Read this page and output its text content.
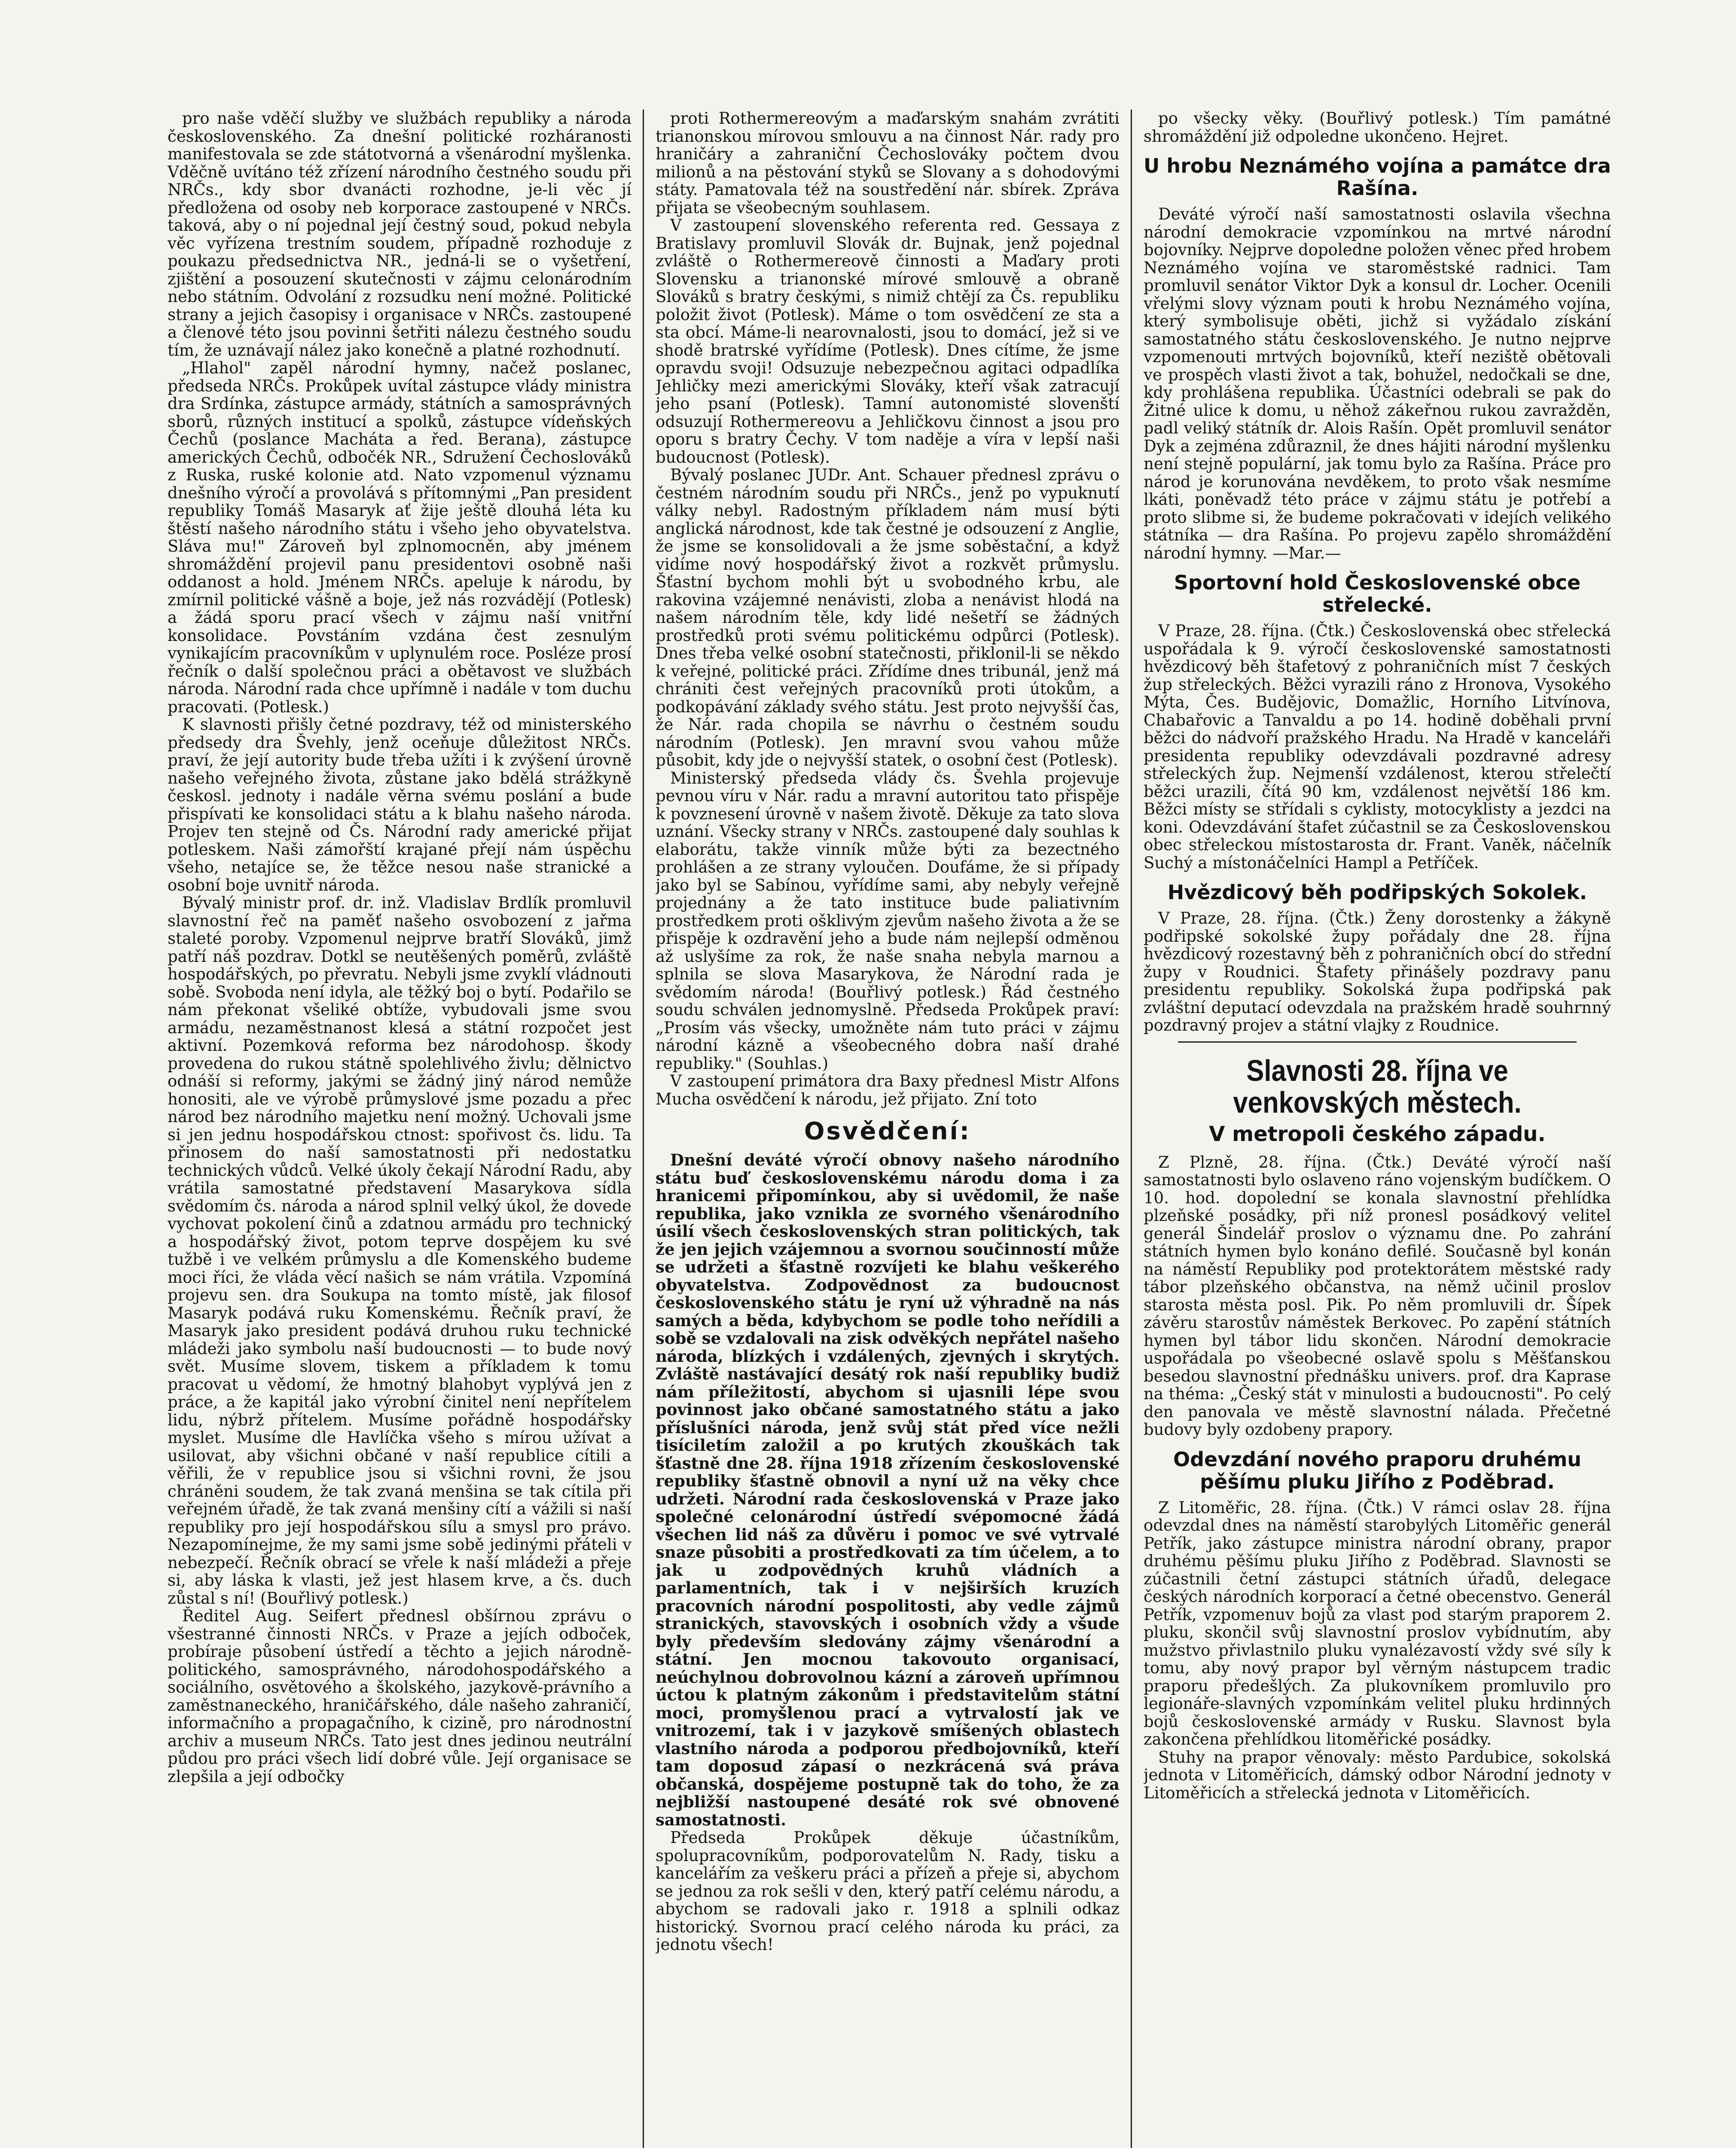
pro naše vděčí služby ve službách republiky a národa československého. Za dnešní politické rozháranosti manifestovala se zde státotvorná a všenárodní myšlenka. Vděčně uvítáno též zřízení národního čestného soudu při NRČs., kdy sbor dvanácti rozhodne, je-li věc jí předložena od osoby neb korporace zastoupené v NRČs. taková, aby o ní pojednal její čestný soud, pokud nebyla věc vyřízena trestním soudem, případně rozhoduje z poukazu předsednictva NR., jedná-li se o vyšetření, zjištění a posouzení skutečnosti v zájmu celonárodním nebo státním. Odvolání z rozsudku není možné. Politické strany a jejich časopisy i organisace v NRČs. zastoupené a členové této jsou povinni šetřiti nálezu čestného soudu tím, že uznávají nález jako konečně a platné rozhodnutí.

„Hlahol" zapěl národní hymny, načež poslanec, předseda NRČs. Prokůpek uvítal zástupce vlády ministra dra Srdínka, zástupce armády, státních a samosprávných sborů, různých institucí a spolků, zástupce vídeňských Čechů (poslance Macháta a řed. Berana), zástupce amerických Čechů, odbočék NR., Sdružení Čechoslováků z Ruska, ruské kolonie atd. Nato vzpomenul významu dnešního výročí a provolává s přítomnými „Pan president republiky Tomáš Masaryk ať žije ještě dlouhá léta ku štěstí našeho národního státu i všeho jeho obyvatelstva. Sláva mu!" Zároveň byl zplnomocněn, aby jménem shromáždění projevil panu presidentovi osobně naši oddanost a hold. Jménem NRČs. apeluje k národu, by zmírnil politické vášně a boje, jež nás rozvádějí (Potlesk) a žádá sporu prací všech v zájmu naší vnitřní konsolidace. Povstáním vzdána čest zesnulým vynikajícím pracovníkům v uplynulém roce. Posléze prosí řečník o další společnou práci a obětavost ve službách národa. Národní rada chce upřímně i nadále v tom duchu pracovati. (Potlesk.)

K slavnosti přišly četné pozdravy, též od ministerského předsedy dra Švehly, jenž oceňuje důležitost NRČs. praví, že její autority bude třeba užíti i k zvýšení úrovně našeho veřejného života, zůstane jako bdělá strážkyně českosl. jednoty i nadále věrna svému poslání a bude přispívati ke konsolidaci státu a k blahu našeho národa. Projev ten stejně od Čs. Národní rady americké přijat potleskem. Naši zámořští krajané přejí nám úspěchu všeho, netajíce se, že těžce nesou naše stranické a osobní boje uvnitř národa.

Bývalý ministr prof. dr. inž. Vladislav Brdlík promluvil slavnostní řeč na paměť našeho osvobození z jařma staleté poroby. Vzpomenul nejprve bratří Slováků, jimž patří náš pozdrav. Dotkl se neutěšených poměrů, zvláště hospodářských, po převratu. Nebyli jsme zvyklí vládnouti sobě. Svoboda není idyla, ale těžký boj o bytí. Podařilo se nám překonat všeliké obtíže, vybudovali jsme svou armádu, nezaměstnanost klesá a státní rozpočet jest aktivní. Pozemková reforma bez národohosp. škody provedena do rukou státně spolehlivého živlu; dělnictvo odnáší si reformy, jakými se žádný jiný národ nemůže honositi, ale ve výrobě průmyslové jsme pozadu a přec národ bez národního majetku není možný. Uchovali jsme si jen jednu hospodářskou ctnost: spořivost čs. lidu. Ta přinosem do naší samostatnosti při nedostatku technických vůdců. Velké úkoly čekají Národní Radu, aby vrátila samostatné představení Masarykova sídla svědomím čs. národa a národ splnil velký úkol, že dovede vychovat pokolení činů a zdatnou armádu pro technický a hospodářský život, potom teprve dospějem ku své tužbě i ve velkém průmyslu a dle Komenského budeme moci říci, že vláda věcí našich se nám vrátila. Vzpomíná projevu sen. dra Soukupa na tomto místě, jak filosof Masaryk podává ruku Komenskému. Řečník praví, že Masaryk jako president podává druhou ruku technické mládeži jako symbolu naší budoucnosti — to bude nový svět. Musíme slovem, tiskem a příkladem k tomu pracovat u vědomí, že hmotný blahobyt vyplývá jen z práce, a že kapitál jako výrobní činitel není nepřítelem lidu, nýbrž přítelem. Musíme pořádně hospodářsky myslet. Musíme dle Havlíčka všeho s mírou užívat a usilovat, aby všichni občané v naší republice cítili a věřili, že v republice jsou si všichni rovni, že jsou chráněni soudem, že tak zvaná menšina se tak cítila při veřejném úřadě, že tak zvaná menšiny cítí a vážili si naší republiky pro její hospodářskou sílu a smysl pro právo. Nezapomínejme, že my sami jsme sobě jedinými přáteli v nebezpečí. Řečník obrací se vřele k naší mládeži a přeje si, aby láska k vlasti, jež jest hlasem krve, a čs. duch zůstal s ní! (Bouřlivý potlesk.)

Ředitel Aug. Seifert přednesl obšírnou zprávu o všestranné činnosti NRČs. v Praze a jejích odboček, probíraje působení ústředí a těchto a jejich národně-politického, samosprávného, národohospodářského a sociálního, osvětového a školského, jazykově-právního a zaměstnaneckého, hraničářského, dále našeho zahraničí, informačního a propagačního, k cizině, pro národnostní archiv a museum NRČs. Tato jest dnes jedinou neutrální půdou pro práci všech lidí dobré vůle. Její organisace se zlepšila a její odbočky

proti Rothermereovým a maďarským snahám zvrátiti trianonskou mírovou smlouvu a na činnost Nár. rady pro hraničáry a zahraniční Čechoslováky počtem dvou milionů a na pěstování styků se Slovany a s dohodovými státy. Pamatovala též na soustředění nár. sbírek. Zpráva přijata se všeobecným souhlasem.

V zastoupení slovenského referenta red. Gessaya z Bratislavy promluvil Slovák dr. Bujnak, jenž pojednal zvláště o Rothermereově činnosti a Maďary proti Slovensku a trianonské mírové smlouvě a obraně Slováků s bratry českými, s nimiž chtějí za Čs. republiku položit život (Potlesk). Máme o tom osvědčení ze sta a sta obcí. Máme-li nearovnalosti, jsou to domácí, jež si ve shodě bratrské vyřídíme (Potlesk). Dnes cítíme, že jsme opravdu svoji! Odsuzuje nebezpečnou agitaci odpadlíka Jehličky mezi americkými Slováky, kteří však zatracují jeho psaní (Potlesk). Tamní autonomisté slovenští odsuzují Rothermereovu a Jehličkovu činnost a jsou pro oporu s bratry Čechy. V tom naděje a víra v lepší naši budoucnost (Potlesk).

Bývalý poslanec JUDr. Ant. Schauer přednesl zprávu o čestném národním soudu při NRČs., jenž po vypuknutí války nebyl. Radostným příkladem nám musí býti anglická národnost, kde tak čestné je odsouzení z Anglie, že jsme se konsolidovali a že jsme soběstační, a když vidíme nový hospodářský život a rozkvět průmyslu. Šťastní bychom mohli být u svobodného krbu, ale rakovina vzájemné nenávisti, zloba a nenávist hlodá na našem národním těle, kdy lidé nešetří se žádných prostředků proti svému politickému odpůrci (Potlesk). Dnes třeba velké osobní statečnosti, přiklonil-li se někdo k veřejné, politické práci. Zřídíme dnes tribunál, jenž má chrániti čest veřejných pracovníků proti útokům, a podkopávání základy svého státu. Jest proto nejvyšší čas, že Nár. rada chopila se návrhu o čestném soudu národním (Potlesk). Jen mravní svou vahou může působit, kdy jde o nejvyšší statek, o osobní čest (Potlesk).

Ministerský předseda vlády čs. Švehla projevuje pevnou víru v Nár. radu a mravní autoritou tato přispěje k povznesení úrovně v našem životě. Děkuje za tato slova uznání. Všecky strany v NRČs. zastoupené daly souhlas k elaborátu, takže vinník může býti za bezectného prohlášen a ze strany vyloučen. Doufáme, že si případy jako byl se Sabínou, vyřídíme sami, aby nebyly veřejně projednány a že tato instituce bude paliativním prostředkem proti ošklivým zjevům našeho života a že se přispěje k ozdravění jeho a bude nám nejlepší odměnou až uslyšíme za rok, že naše snaha nebyla marnou a splnila se slova Masarykova, že Národní rada je svědomím národa! (Bouřlivý potlesk.) Řád čestného soudu schválen jednomyslně. Předseda Prokůpek praví: „Prosím vás všecky, umožněte nám tuto práci v zájmu národní kázně a všeobecného dobra naší drahé republiky." (Souhlas.)

V zastoupení primátora dra Baxy přednesl Mistr Alfons Mucha osvědčení k národu, jež přijato. Zní toto

Osvědčení:

Dnešní deváté výročí obnovy našeho národního státu buď československému národu doma i za hranicemi připomínkou, aby si uvědomil, že naše republika, jako vznikla ze svorného všenárodního úsilí všech československých stran politických, tak že jen jejich vzájemnou a svornou součinností může se udržeti a šťastně rozvíjeti ke blahu veškerého obyvatelstva. Zodpovědnost za budoucnost československého státu je ryní už výhradně na nás samých a běda, kdybychom se podle toho neřídili a sobě se vzdalovali na zisk odvěkých nepřátel našeho národa, blízkých i vzdálených, zjevných i skrytých. Zvláště nastávající desátý rok naší republiky budiž nám příležitostí, abychom si ujasnili lépe svou povinnost jako občané samostatného státu a jako příslušníci národa, jenž svůj stát před více nežli tisíciletím založil a po krutých zkouškách tak šťastně dne 28. října 1918 zřízením československé republiky šťastně obnovil a nyní už na věky chce udržeti. Národní rada československá v Praze jako společné celonárodní ústředí svépomocné žádá všechen lid náš za důvěru i pomoc ve své vytrvalé snaze působiti a prostředkovati za tím účelem, a to jak u zodpovědných kruhů vládních a parlamentních, tak i v nejširších kruzích pracovních národní pospolitosti, aby vedle zájmů stranických, stavovských i osobních vždy a všude byly především sledovány zájmy všenárodní a státní. Jen mocnou takovouto organisací, neúchylnou dobrovolnou kázní a zároveň upřímnou úctou k platným zákonům i představitelům státní moci, promyšlenou prací a vytrvalostí jak ve vnitrozemí, tak i v jazykově smíšených oblastech vlastního národa a podporou předbojovníků, kteří tam doposud zápasí o nezkrácená svá práva občanská, dospějeme postupně tak do toho, že za nejbližší nastoupené desáté rok své obnovené samostatnosti.

Předseda Prokůpek děkuje účastníkům, spolupracovníkům, podporovatelům N. Rady, tisku a kancelářím za veškeru práci a přízeň a přeje si, abychom se jednou za rok sešli v den, který patří celému národu, a abychom se radovali jako r. 1918 a splnili odkaz historický. Svornou prací celého národa ku práci, za jednotu všech!

po všecky věky. (Bouřlivý potlesk.) Tím památné shromáždění již odpoledne ukončeno. Hejret.

U hrobu Neznámého vojína a památce dra Rašína.

Deváté výročí naší samostatnosti oslavila všechna národní demokracie vzpomínkou na mrtvé národní bojovníky. Nejprve dopoledne položen věnec před hrobem Neznámého vojína ve staroměstské radnici. Tam promluvil senátor Viktor Dyk a konsul dr. Locher. Ocenili vřelými slovy význam pouti k hrobu Neznámého vojína, který symbolisuje oběti, jichž si vyžádalo získání samostatného státu československého. Je nutno nejprve vzpomenouti mrtvých bojovníků, kteří neziště obětovali ve prospěch vlasti život a tak, bohužel, nedočkali se dne, kdy prohlášena republika. Účastníci odebrali se pak do Žitné ulice k domu, u něhož zákeřnou rukou zavražděn, padl veliký státník dr. Alois Rašín. Opět promluvil senátor Dyk a zejména zdůraznil, že dnes hájiti národní myšlenku není stejně populární, jak tomu bylo za Rašína. Práce pro národ je korunována nevděkem, to proto však nesmíme lkáti, poněvadž této práce v zájmu státu je potřebí a proto slibme si, že budeme pokračovati v idejích velikého státníka — dra Rašína. Po projevu zapělo shromáždění národní hymny. —Mar.—

Sportovní hold Československé obce střelecké.

V Praze, 28. října. (Čtk.) Československá obec střelecká uspořádala k 9. výročí československé samostatnosti hvězdicový běh štafetový z pohraničních míst 7 českých žup střeleckých. Běžci vyrazili ráno z Hronova, Vysokého Mýta, Čes. Budějovic, Domažlic, Horního Litvínova, Chabařovic a Tanvaldu a po 14. hodině doběhali první běžci do nádvoří pražského Hradu. Na Hradě v kanceláři presidenta republiky odevzdávali pozdravné adresy střeleckých žup. Nejmenší vzdálenost, kterou střelečtí běžci urazili, čítá 90 km, vzdálenost největší 186 km. Běžci místy se střídali s cyklisty, motocyklisty a jezdci na koni. Odevzdávání štafet zúčastnil se za Československou obec střeleckou místostarosta dr. Frant. Vaněk, náčelník Suchý a místonáčelníci Hampl a Petříček.

Hvězdicový běh podřipských Sokolek.

V Praze, 28. října. (Čtk.) Ženy dorostenky a žákyně podřipské sokolské župy pořádaly dne 28. října hvězdicový rozestavný běh z pohraničních obcí do střední župy v Roudnici. Štafety přinášely pozdravy panu presidentu republiky. Sokolská župa podřipská pak zvláštní deputací odevzdala na pražském hradě souhrnný pozdravný projev a státní vlajky z Roudnice.

Slavnosti 28. října ve venkovských městech.
V metropoli českého západu.

Z Plzně, 28. října. (Čtk.) Deváté výročí naší samostatnosti bylo oslaveno ráno vojenským budíčkem. O 10. hod. dopolední se konala slavnostní přehlídka plzeňské posádky, při níž pronesl posádkový velitel generál Šindelář proslov o významu dne. Po zahrání státních hymen bylo konáno defilé. Současně byl konán na náměstí Republiky pod protektorátem městské rady tábor plzeňského občanstva, na němž učinil proslov starosta města posl. Pik. Po něm promluvili dr. Šípek závěru starostův náměstek Berkovec. Po zapění státních hymen byl tábor lidu skončen. Národní demokracie uspořádala po všeobecné oslavě spolu s Měšťanskou besedou slavnostní přednášku univers. prof. dra Kaprase na théma: „Český stát v minulosti a budoucnosti". Po celý den panovala ve městě slavnostní nálada. Přečetné budovy byly ozdobeny prapory.

Odevzdání nového praporu druhému pěšímu pluku Jiřího z Poděbrad.

Z Litoměřic, 28. října. (Čtk.) V rámci oslav 28. října odevzdal dnes na náměstí starobylých Litoměřic generál Petřík, jako zástupce ministra národní obrany, prapor druhému pěšímu pluku Jiřího z Poděbrad. Slavnosti se zúčastnili četní zástupci státních úřadů, delegace českých národních korporací a četné obecenstvo. Generál Petřík, vzpomenuv bojů za vlast pod starým praporem 2. pluku, skončil svůj slavnostní proslov vybídnutím, aby mužstvo přivlastnilo pluku vynalézavostí vždy své síly k tomu, aby nový prapor byl věrným nástupcem tradic praporu předešlých. Za plukovníkem promluvilo pro legionáře-slavných vzpomínkám velitel pluku hrdinných bojů československé armády v Rusku. Slavnost byla zakončena přehlídkou litoměřické posádky.

Stuhy na prapor věnovaly: město Pardubice, sokolská jednota v Litoměřicích, dámský odbor Národní jednoty v Litoměřicích a střelecká jednota v Litoměřicích.
